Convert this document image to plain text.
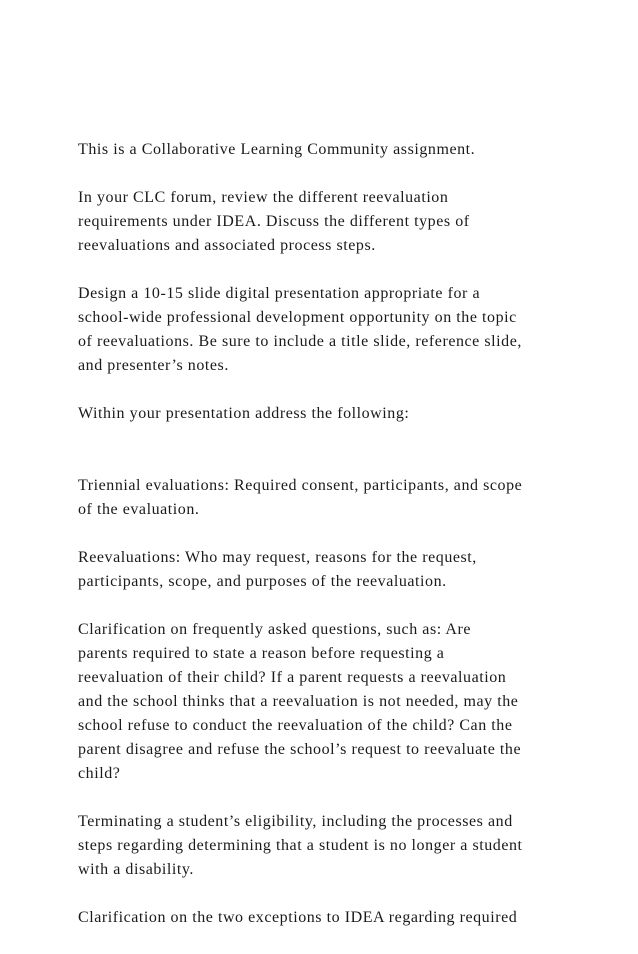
This is a Collaborative Learning Community assignment.
In your CLC forum, review the different reevaluation
requirements under IDEA. Discuss the different types of
reevaluations and associated process steps.
Design a 10-15 slide digital presentation appropriate for a
school-wide professional development opportunity on the topic
of reevaluations. Be sure to include a title slide, reference slide,
and presenter’s notes.
Within your presentation address the following:
Triennial evaluations: Required consent, participants, and scope
of the evaluation.
Reevaluations: Who may request, reasons for the request,
participants, scope, and purposes of the reevaluation.
Clarification on frequently asked questions, such as: Are
parents required to state a reason before requesting a
reevaluation of their child? If a parent requests a reevaluation
and the school thinks that a reevaluation is not needed, may the
school refuse to conduct the reevaluation of the child? Can the
parent disagree and refuse the school’s request to reevaluate the
child?
Terminating a student’s eligibility, including the processes and
steps regarding determining that a student is no longer a student
with a disability.
Clarification on the two exceptions to IDEA regarding required
